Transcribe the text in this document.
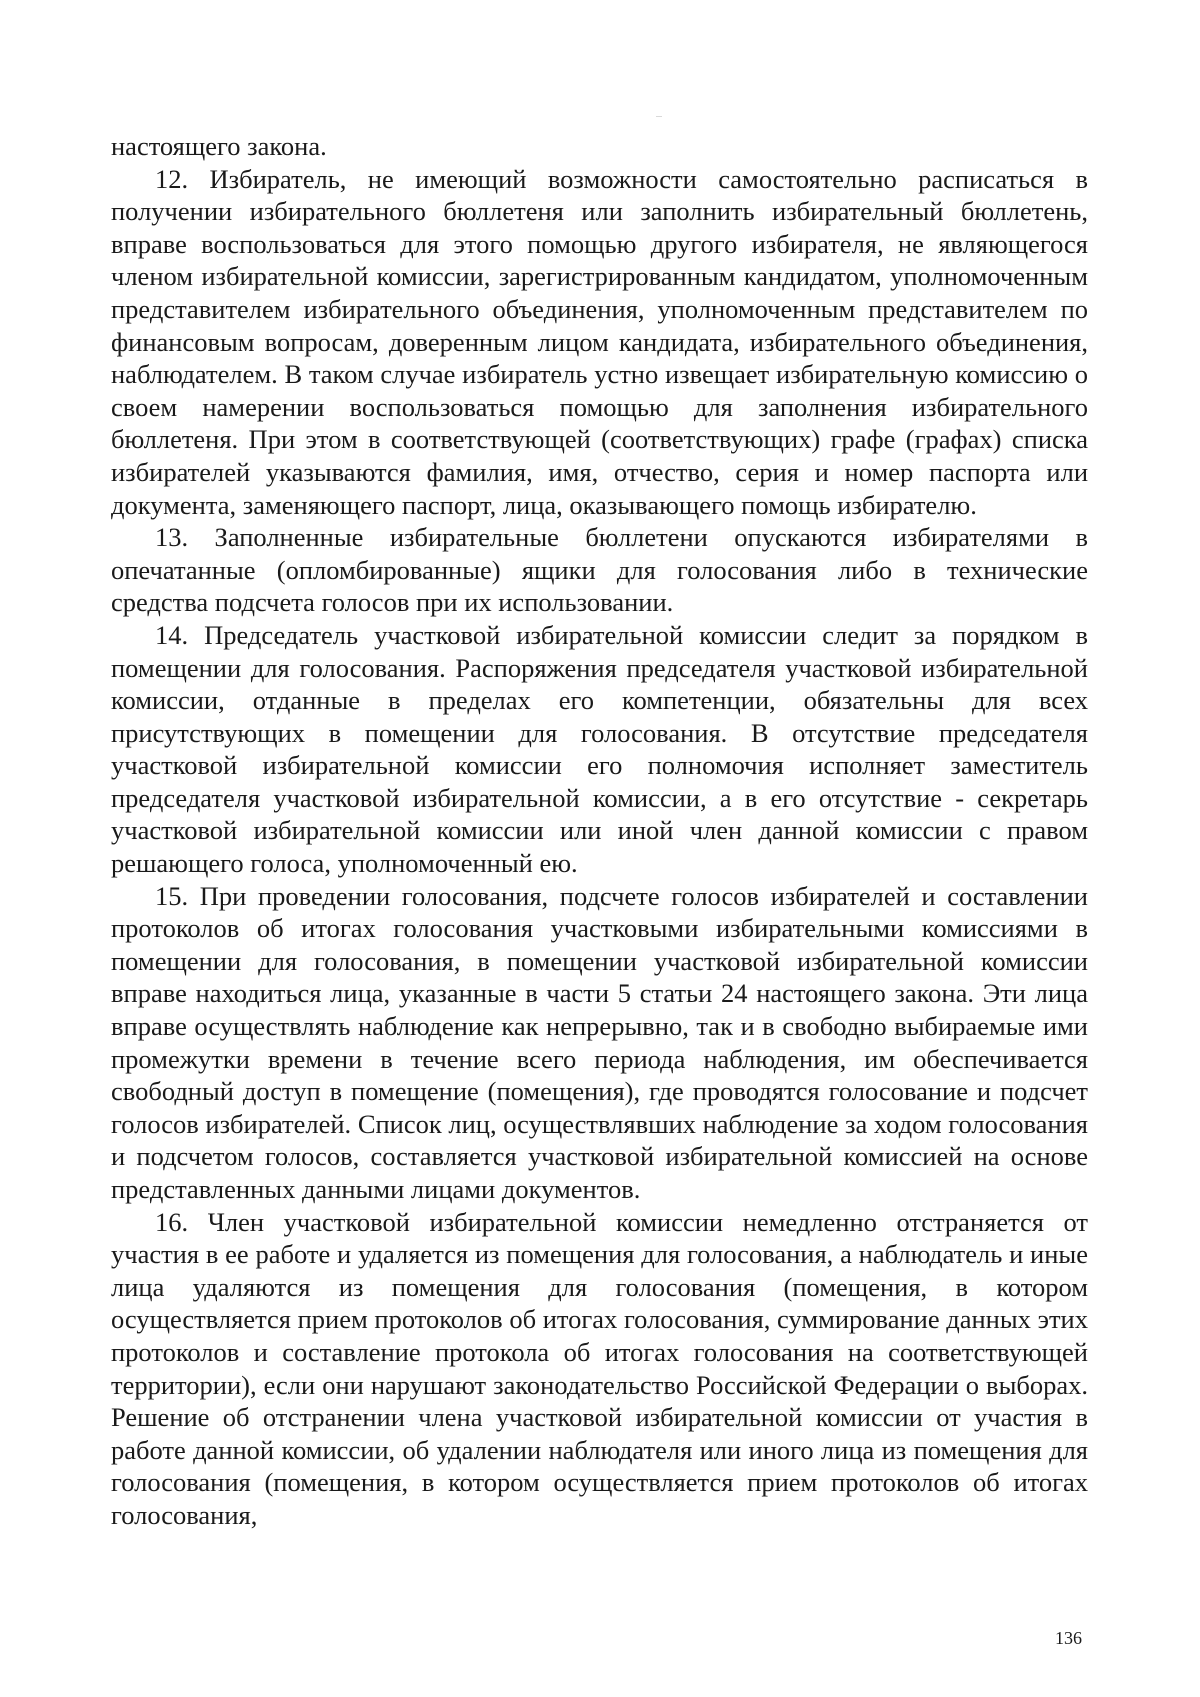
настоящего закона.

12. Избиратель, не имеющий возможности самостоятельно расписаться в получении избирательного бюллетеня или заполнить избирательный бюллетень, вправе воспользоваться для этого помощью другого избирателя, не являющегося членом избирательной комиссии, зарегистрированным кандидатом, уполномоченным представителем избирательного объединения, уполномоченным представителем по финансовым вопросам, доверенным лицом кандидата, избирательного объединения, наблюдателем. В таком случае избиратель устно извещает избирательную комиссию о своем намерении воспользоваться помощью для заполнения избирательного бюллетеня. При этом в соответствующей (соответствующих) графе (графах) списка избирателей указываются фамилия, имя, отчество, серия и номер паспорта или документа, заменяющего паспорт, лица, оказывающего помощь избирателю.

13. Заполненные избирательные бюллетени опускаются избирателями в опечатанные (опломбированные) ящики для голосования либо в технические средства подсчета голосов при их использовании.

14. Председатель участковой избирательной комиссии следит за порядком в помещении для голосования. Распоряжения председателя участковой избирательной комиссии, отданные в пределах его компетенции, обязательны для всех присутствующих в помещении для голосования. В отсутствие председателя участковой избирательной комиссии его полномочия исполняет заместитель председателя участковой избирательной комиссии, а в его отсутствие - секретарь участковой избирательной комиссии или иной член данной комиссии с правом решающего голоса, уполномоченный ею.

15. При проведении голосования, подсчете голосов избирателей и составлении протоколов об итогах голосования участковыми избирательными комиссиями в помещении для голосования, в помещении участковой избирательной комиссии вправе находиться лица, указанные в части 5 статьи 24 настоящего закона. Эти лица вправе осуществлять наблюдение как непрерывно, так и в свободно выбираемые ими промежутки времени в течение всего периода наблюдения, им обеспечивается свободный доступ в помещение (помещения), где проводятся голосование и подсчет голосов избирателей. Список лиц, осуществлявших наблюдение за ходом голосования и подсчетом голосов, составляется участковой избирательной комиссией на основе представленных данными лицами документов.

16. Член участковой избирательной комиссии немедленно отстраняется от участия в ее работе и удаляется из помещения для голосования, а наблюдатель и иные лица удаляются из помещения для голосования (помещения, в котором осуществляется прием протоколов об итогах голосования, суммирование данных этих протоколов и составление протокола об итогах голосования на соответствующей территории), если они нарушают законодательство Российской Федерации о выборах. Решение об отстранении члена участковой избирательной комиссии от участия в работе данной комиссии, об удалении наблюдателя или иного лица из помещения для голосования (помещения, в котором осуществляется прием протоколов об итогах голосования,

136
